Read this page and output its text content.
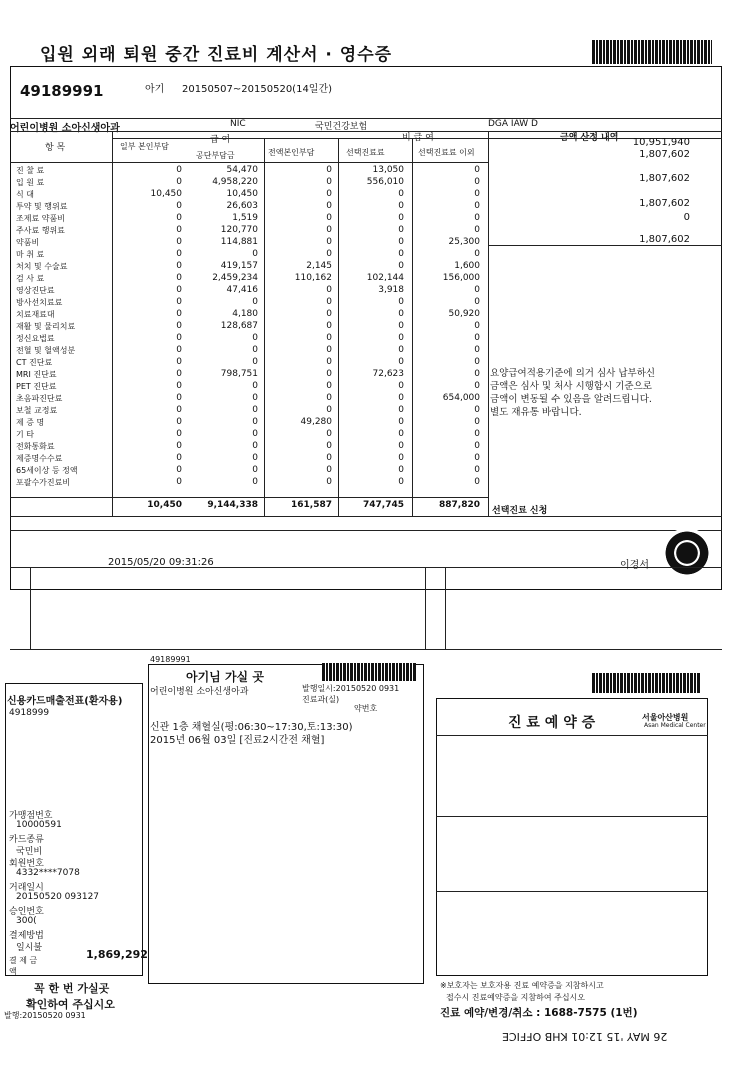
입원 외래 퇴원 중간 진료비 계산서 · 영수증
49189991	아기 20150507~20150520(14일간)
어린이병원 소아신생아과	NIC	국민건강보험	DGA IAW D
항 목
급 여
일부 본인부담
공단부담금	전액본인부담
비 급 여
선택진료료	선택진료료 이외
금액 산정 내역
진 찰 료	0	54,470	0	13,050	0
입 원 료	0	4,958,220	0	556,010	0
식 대	10,450	10,450	0	0	0
투약 및 행위료	0	26,603	0	0	0
조제료 약품비	0	1,519	0	0	0
주사료 행위료	0	120,770	0	0	0
약품비	0	114,881	0	0	25,300
마 취 료	0	0	0	0	0
처치 및 수술료	0	419,157	2,145	0	1,600
검 사 료	0	2,459,234	110,162	102,144	156,000
영상진단료	0	47,416	0	3,918	0
방사선치료료	0	0	0	0	0
치료재료대	0	4,180	0	0	50,920
재활 및 물리치료	0	128,687	0	0	0
정신요법료	0	0	0	0	0
전혈 및 혈액성분	0	0	0	0	0
CT 진단료	0	0	0	0	0
MRI 진단료	0	798,751	0	72,623	0
PET 진단료	0	0	0	0	0
초음파진단료	0	0	0	0	654,000
보철 교정료	0	0	0	0	0
제 증 명	0	0	49,280	0	0
기 타	0	0	0	0	0
전화통화료	0	0	0	0	0
제증명수수료	0	0	0	0	0
65세이상 등 정액	0	0	0	0	0
포괄수가진료비	0	0	0	0	0
10,450	9,144,338	161,587	747,745	887,820
선택진료 신청
10,951,940
1,807,602
1,807,602
1,807,602
0
1,807,602
요양급여적용기준에 의거 심사 납부하신
금액은 심사 및 처사 시행함시 기준으로
금액이 변동될 수 있음을 알려드립니다.
별도 재유통 바랍니다.
2015/05/20 09:31:26	이경서
신용카드매출전표(환자용)
4918999
가맹점번호
10000591
카드종류
국민비
회원번호
4332****7078
거래일시
20150520 093127
승인번호
300(
결제방법
일시불
결 제 금 액
1,869,292
꼭 한 번 가실곳
확인하여 주십시오
발행:20150520 0931
49189991
아기님 가실 곳
어린이병원 소아신생아과	발행일시:20150520 0931
진료과(실)
약번호
신관 1층 채혈실(평:06:30~17:30,토:13:30)
2015년 06월 03일 [진료2시간전 채혈]
진 료 예 약 증	서울아산병원
Asan Medical Center
※보호자는 보호자용 진료 예약증을 지참하시고
접수시 진료예약증을 지참하여 주십시오
진료 예약/변경/취소 : 1688-7575 (1번)
26 MAY '15 12:01 KHB OFFICE
